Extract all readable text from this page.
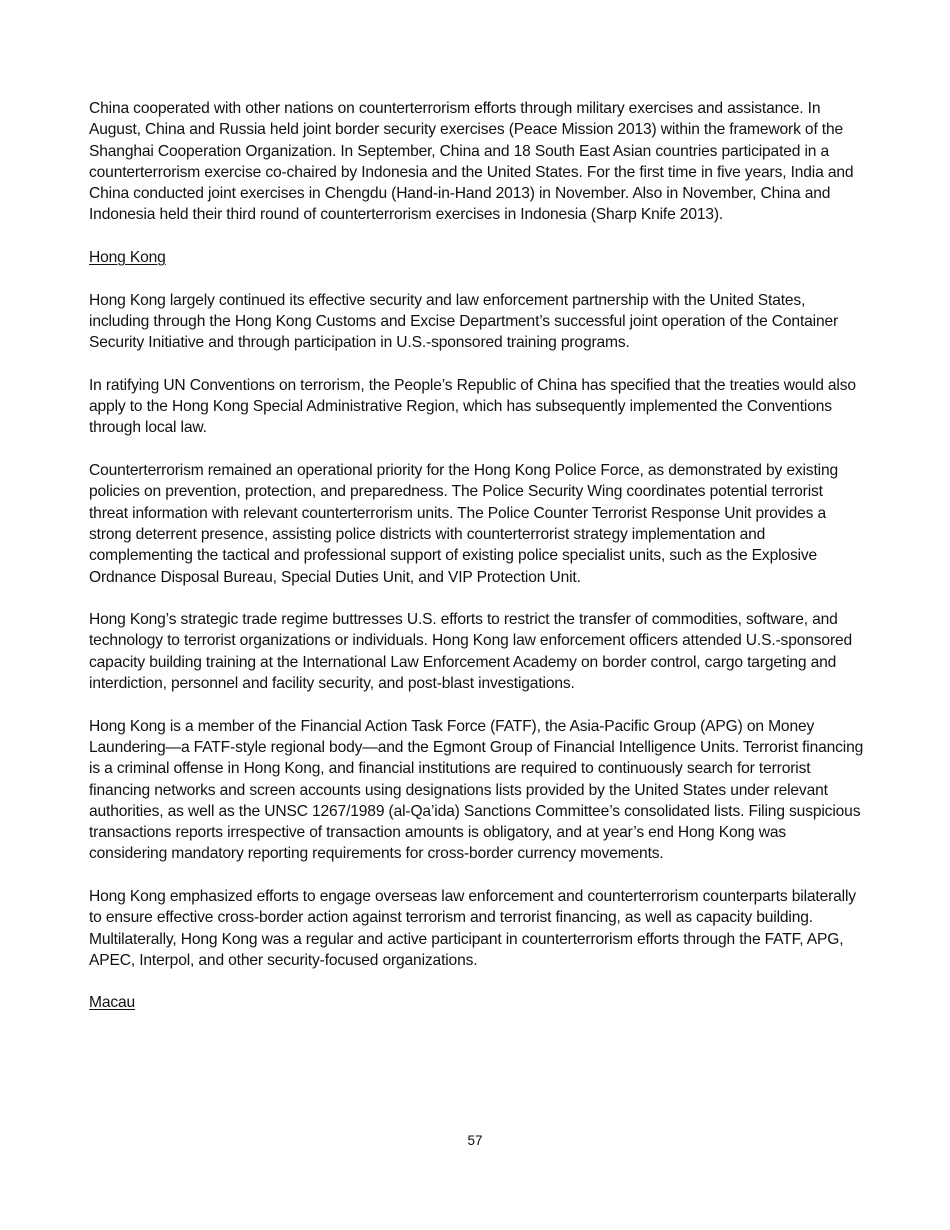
China cooperated with other nations on counterterrorism efforts through military exercises and assistance. In August, China and Russia held joint border security exercises (Peace Mission 2013) within the framework of the Shanghai Cooperation Organization. In September, China and 18 South East Asian countries participated in a counterterrorism exercise co-chaired by Indonesia and the United States. For the first time in five years, India and China conducted joint exercises in Chengdu (Hand-in-Hand 2013) in November. Also in November, China and Indonesia held their third round of counterterrorism exercises in Indonesia (Sharp Knife 2013).

Hong Kong

Hong Kong largely continued its effective security and law enforcement partnership with the United States, including through the Hong Kong Customs and Excise Department’s successful joint operation of the Container Security Initiative and through participation in U.S.-sponsored training programs.

In ratifying UN Conventions on terrorism, the People’s Republic of China has specified that the treaties would also apply to the Hong Kong Special Administrative Region, which has subsequently implemented the Conventions through local law.

Counterterrorism remained an operational priority for the Hong Kong Police Force, as demonstrated by existing policies on prevention, protection, and preparedness. The Police Security Wing coordinates potential terrorist threat information with relevant counterterrorism units. The Police Counter Terrorist Response Unit provides a strong deterrent presence, assisting police districts with counterterrorist strategy implementation and complementing the tactical and professional support of existing police specialist units, such as the Explosive Ordnance Disposal Bureau, Special Duties Unit, and VIP Protection Unit.

Hong Kong’s strategic trade regime buttresses U.S. efforts to restrict the transfer of commodities, software, and technology to terrorist organizations or individuals. Hong Kong law enforcement officers attended U.S.-sponsored capacity building training at the International Law Enforcement Academy on border control, cargo targeting and interdiction, personnel and facility security, and post-blast investigations.

Hong Kong is a member of the Financial Action Task Force (FATF), the Asia-Pacific Group (APG) on Money Laundering—a FATF-style regional body—and the Egmont Group of Financial Intelligence Units. Terrorist financing is a criminal offense in Hong Kong, and financial institutions are required to continuously search for terrorist financing networks and screen accounts using designations lists provided by the United States under relevant authorities, as well as the UNSC 1267/1989 (al-Qa’ida) Sanctions Committee’s consolidated lists. Filing suspicious transactions reports irrespective of transaction amounts is obligatory, and at year’s end Hong Kong was considering mandatory reporting requirements for cross-border currency movements.

Hong Kong emphasized efforts to engage overseas law enforcement and counterterrorism counterparts bilaterally to ensure effective cross-border action against terrorism and terrorist financing, as well as capacity building. Multilaterally, Hong Kong was a regular and active participant in counterterrorism efforts through the FATF, APG, APEC, Interpol, and other security-focused organizations.

Macau

57
